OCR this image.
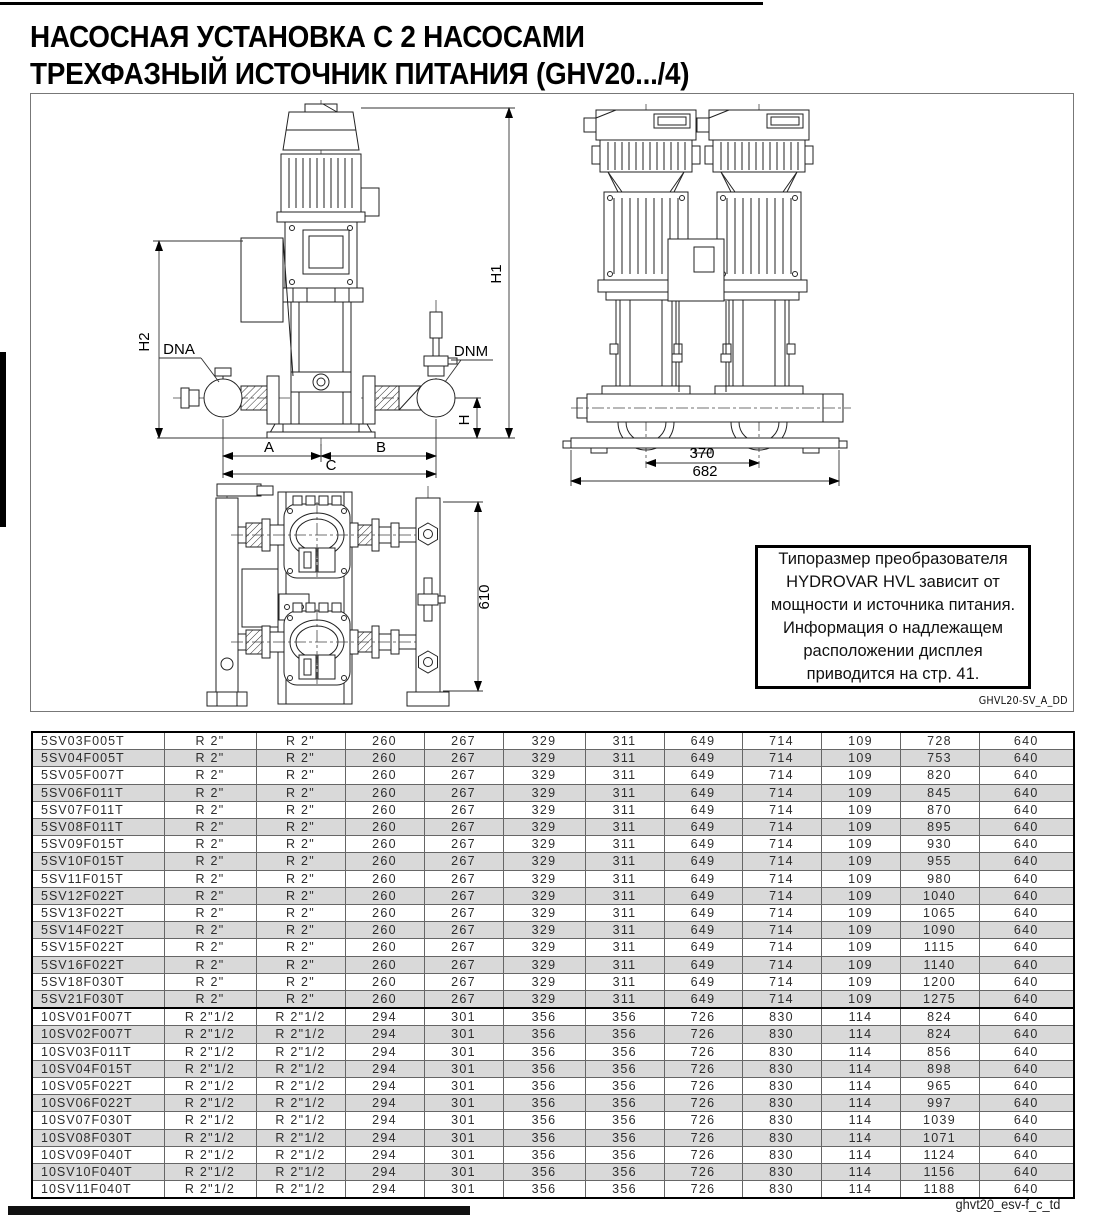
НАСОСНАЯ УСТАНОВКА С 2 НАСОСАМИ
ТРЕХФАЗНЫЙ ИСТОЧНИК ПИТАНИЯ (GHV20.../4)
H1
H2 DNA	DNM
H
A	B
C
370
682
610
Типоразмер преобразователя
HYDROVAR HVL зависит от
мощности и источника питания.
Информация о надлежащем
расположении дисплея
приводится на стр. 41.
GHVL20-SV_A_DD
5SV03F005T	R 2"	R 2"	260	267	329	311	649	714	109	728	640
5SV04F005T	R 2"	R 2"	260	267	329	311	649	714	109	753	640
5SV05F007T	R 2"	R 2"	260	267	329	311	649	714	109	820	640
5SV06F011T	R 2"	R 2"	260	267	329	311	649	714	109	845	640
5SV07F011T	R 2"	R 2"	260	267	329	311	649	714	109	870	640
5SV08F011T	R 2"	R 2"	260	267	329	311	649	714	109	895	640
5SV09F015T	R 2"	R 2"	260	267	329	311	649	714	109	930	640
5SV10F015T	R 2"	R 2"	260	267	329	311	649	714	109	955	640
5SV11F015T	R 2"	R 2"	260	267	329	311	649	714	109	980	640
5SV12F022T	R 2"	R 2"	260	267	329	311	649	714	109	1040	640
5SV13F022T	R 2"	R 2"	260	267	329	311	649	714	109	1065	640
5SV14F022T	R 2"	R 2"	260	267	329	311	649	714	109	1090	640
5SV15F022T	R 2"	R 2"	260	267	329	311	649	714	109	1115	640
5SV16F022T	R 2"	R 2"	260	267	329	311	649	714	109	1140	640
5SV18F030T	R 2"	R 2"	260	267	329	311	649	714	109	1200	640
5SV21F030T	R 2"	R 2"	260	267	329	311	649	714	109	1275	640
10SV01F007T	R 2"1/2	R 2"1/2	294	301	356	356	726	830	114	824	640
10SV02F007T	R 2"1/2	R 2"1/2	294	301	356	356	726	830	114	824	640
10SV03F011T	R 2"1/2	R 2"1/2	294	301	356	356	726	830	114	856	640
10SV04F015T	R 2"1/2	R 2"1/2	294	301	356	356	726	830	114	898	640
10SV05F022T	R 2"1/2	R 2"1/2	294	301	356	356	726	830	114	965	640
10SV06F022T	R 2"1/2	R 2"1/2	294	301	356	356	726	830	114	997	640
10SV07F030T	R 2"1/2	R 2"1/2	294	301	356	356	726	830	114	1039	640
10SV08F030T	R 2"1/2	R 2"1/2	294	301	356	356	726	830	114	1071	640
10SV09F040T	R 2"1/2	R 2"1/2	294	301	356	356	726	830	114	1124	640
10SV10F040T	R 2"1/2	R 2"1/2	294	301	356	356	726	830	114	1156	640
10SV11F040T	R 2"1/2	R 2"1/2	294	301	356	356	726	830	114	1188	640
ghvt20_esv-f_c_td
